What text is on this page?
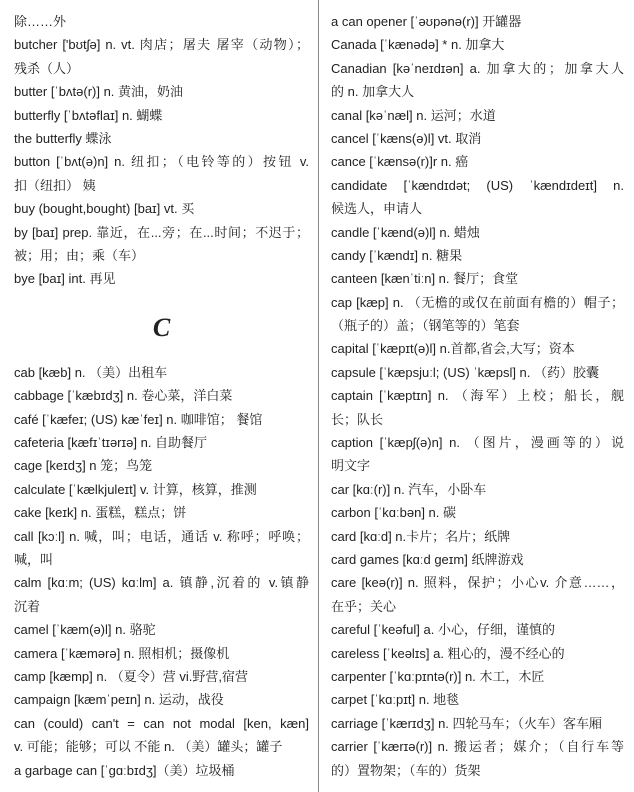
除……外
butcher ['bʊtʃə] n. vt. 肉店；屠夫 屠宰（动物）；
残杀（人）
butter [ˈbʌtə(r)] n. 黄油，奶油
butterfly [ˈbʌtəflaɪ] n. 蝴蝶
the butterfly 蝶泳
button [ˈbʌt(ə)n] n. 纽扣；（电铃等的）按钮 v.
扣（纽扣） 姨
buy (bought,bought) [baɪ] vt. 买
by [baɪ] prep. 靠近，在...旁；在...时间；不迟于；
被；用；由；乘（车）
bye [baɪ] int. 再见
C
cab [kæb] n. （美）出租车
cabbage [ˈkæbɪdʒ] n. 卷心菜，洋白菜
café [ˈkæfeɪ; (US) kæˈfeɪ] n. 咖啡馆； 餐馆
cafeteria [kæfɪˈtɪərɪə] n. 自助餐厅
cage [keɪdʒ] n 笼；鸟笼
calculate [ˈkælkjuleɪt] v. 计算，核算，推测
cake [keɪk] n. 蛋糕，糕点；饼
call [kɔːl] n. 喊，叫；电话，通话 v. 称呼；呼唤；
喊，叫
calm [kɑːm; (US) kɑːlm] a. 镇静,沉着的 v.镇静
沉着
camel [ˈkæm(ə)l] n. 骆驼
camera [ˈkæmərə] n. 照相机；摄像机
camp [kæmp] n. （夏令）营 vi.野营,宿营
campaign [kæmˈpeɪn] n. 运动，战役
can (could) can't = can not modal [ken, kæn]
v. 可能；能够；可以 不能 n. （美）罐头；罐子
a garbage can [ˈɡɑːbɪdʒ]（美）垃圾桶
a can opener [ˈəʊpənə(r)] 开罐器
Canada [ˈkænədə] * n. 加拿大
Canadian [kəˈneɪdɪən] a. 加拿大的；加拿大人
的 n. 加拿大人
canal [kəˈnæl] n. 运河；水道
cancel [ˈkæns(ə)l] vt. 取消
cance [ˈkænsə(r)]r n. 癌
candidate [ˈkændɪdət; (US) ˈkændɪdeɪt] n.
候选人，申请人
candle [ˈkænd(ə)l] n. 蜡烛
candy [ˈkændɪ] n. 糖果
canteen [kænˈtiːn] n. 餐厅；食堂
cap [kæp] n. （无檐的或仅在前面有檐的）帽子；
（瓶子的）盖；（钢笔等的）笔套
capital [ˈkæpɪt(ə)l] n.首都,省会,大写；资本
capsule [ˈkæpsjuːl; (US) ˈkæpsl] n. （药）胶囊
captain [ˈkæptɪn] n. （海军）上校；船长，舰
长；队长
caption [ˈkæpʃ(ə)n] n. （图片，漫画等的）说
明文字
car [kɑː(r)] n. 汽车，小卧车
carbon [ˈkɑːbən] n. 碳
card [kɑːd] n.卡片；名片；纸牌
card games [kɑːd ɡeɪm] 纸牌游戏
care [keə(r)] n. 照料，保护；小心v. 介意……，
在乎；关心
careful [ˈkeəful] a. 小心，仔细，谨慎的
careless [ˈkeəlɪs] a. 粗心的，漫不经心的
carpenter [ˈkɑːpɪntə(r)] n. 木工，木匠
carpet [ˈkɑːpɪt] n. 地毯
carriage [ˈkærɪdʒ] n. 四轮马车；（火车）客车厢
carrier [ˈkærɪə(r)] n. 搬运者；媒介；（自行车等
的）置物架；（车的）货架
